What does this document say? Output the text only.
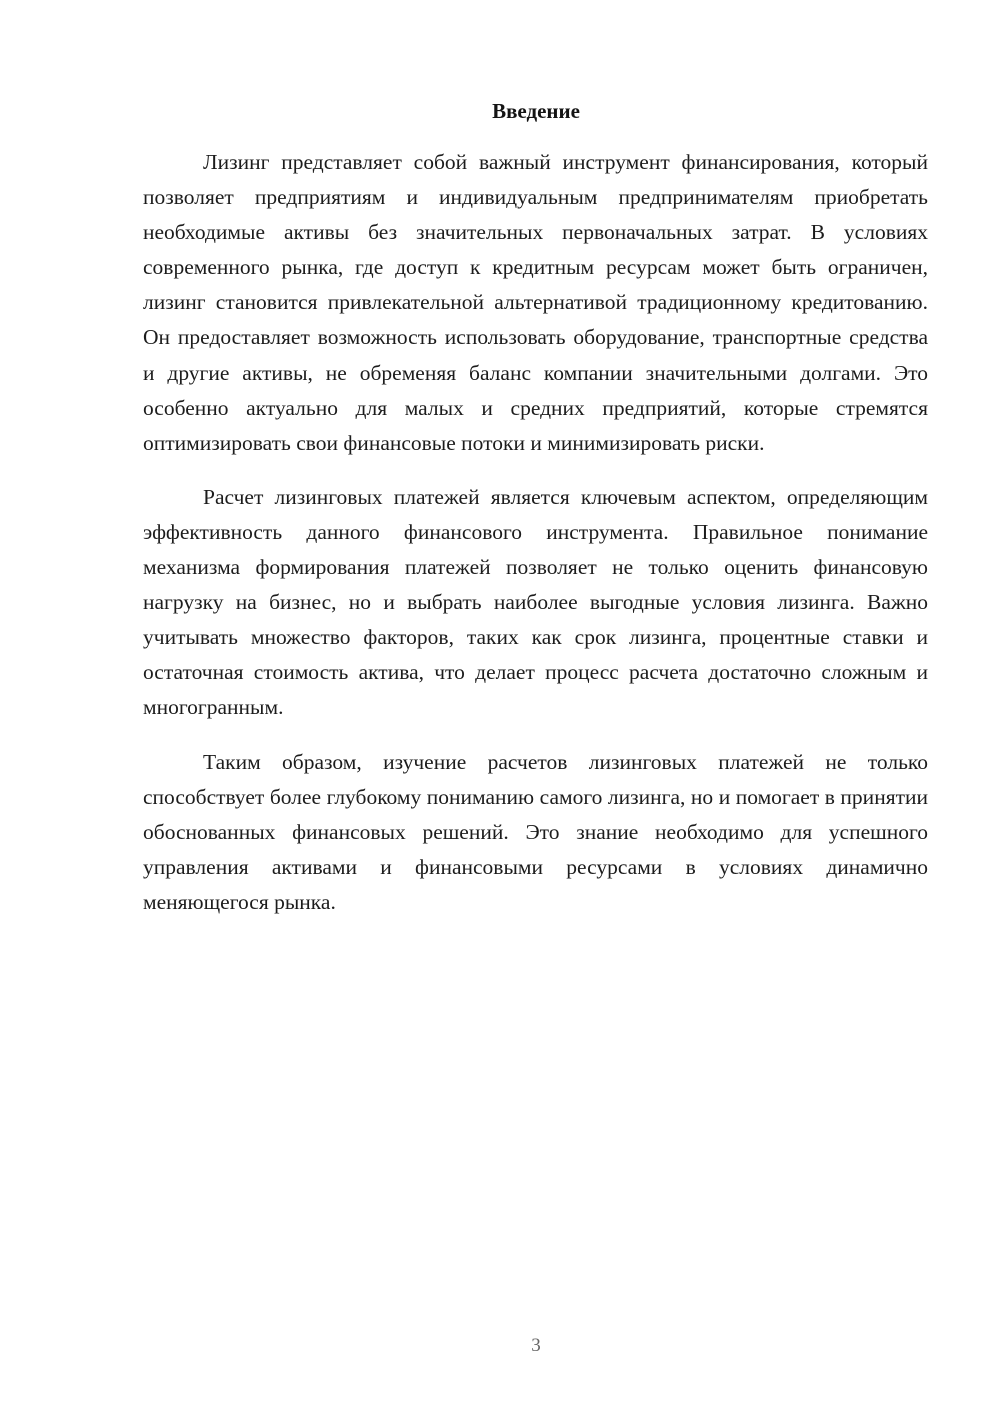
Введение

Лизинг представляет собой важный инструмент финансирования, который позволяет предприятиям и индивидуальным предпринимателям приобретать необходимые активы без значительных первоначальных затрат. В условиях современного рынка, где доступ к кредитным ресурсам может быть ограничен, лизинг становится привлекательной альтернативой традиционному кредитованию. Он предоставляет возможность использовать оборудование, транспортные средства и другие активы, не обременяя баланс компании значительными долгами. Это особенно актуально для малых и средних предприятий, которые стремятся оптимизировать свои финансовые потоки и минимизировать риски.

Расчет лизинговых платежей является ключевым аспектом, определяющим эффективность данного финансового инструмента. Правильное понимание механизма формирования платежей позволяет не только оценить финансовую нагрузку на бизнес, но и выбрать наиболее выгодные условия лизинга. Важно учитывать множество факторов, таких как срок лизинга, процентные ставки и остаточная стоимость актива, что делает процесс расчета достаточно сложным и многогранным.

Таким образом, изучение расчетов лизинговых платежей не только способствует более глубокому пониманию самого лизинга, но и помогает в принятии обоснованных финансовых решений. Это знание необходимо для успешного управления активами и финансовыми ресурсами в условиях динамично меняющегося рынка.

3
